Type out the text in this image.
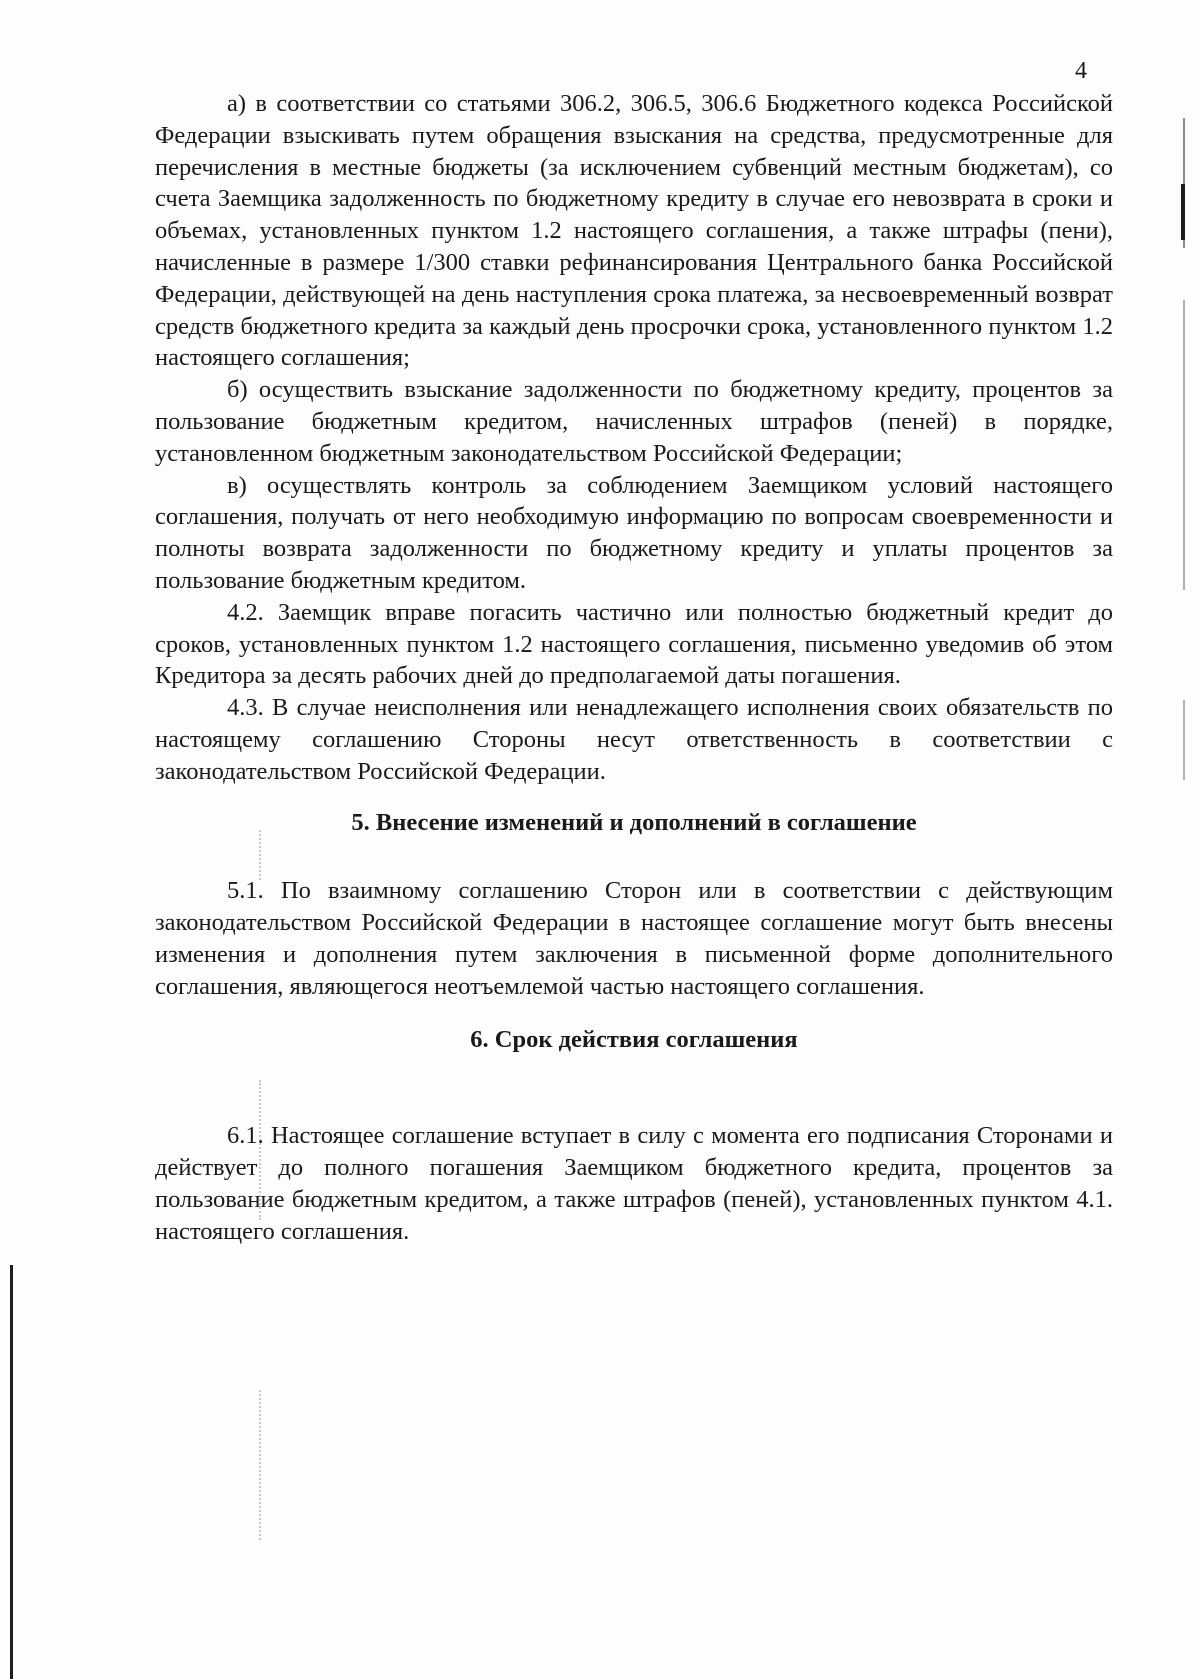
4

а) в соответствии со статьями 306.2, 306.5, 306.6 Бюджетного кодекса Российской Федерации взыскивать путем обращения взыскания на средства, предусмотренные для перечисления в местные бюджеты (за исключением субвенций местным бюджетам), со счета Заемщика задолженность по бюджетному кредиту в случае его невозврата в сроки и объемах, установленных пунктом 1.2 настоящего соглашения, а также штрафы (пени), начисленные в размере 1/300 ставки рефинансирования Центрального банка Российской Федерации, действующей на день наступления срока платежа, за несвоевременный возврат средств бюджетного кредита за каждый день просрочки срока, установленного пунктом 1.2 настоящего соглашения;

б) осуществить взыскание задолженности по бюджетному кредиту, процентов за пользование бюджетным кредитом, начисленных штрафов (пеней) в порядке, установленном бюджетным законодательством Российской Федерации;

в) осуществлять контроль за соблюдением Заемщиком условий настоящего соглашения, получать от него необходимую информацию по вопросам своевременности и полноты возврата задолженности по бюджетному кредиту и уплаты процентов за пользование бюджетным кредитом.

4.2. Заемщик вправе погасить частично или полностью бюджетный кредит до сроков, установленных пунктом 1.2 настоящего соглашения, письменно уведомив об этом Кредитора за десять рабочих дней до предполагаемой даты погашения.

4.3. В случае неисполнения или ненадлежащего исполнения своих обязательств по настоящему соглашению Стороны несут ответственность в соответствии с законодательством Российской Федерации.

5. Внесение изменений и дополнений в соглашение

5.1. По взаимному соглашению Сторон или в соответствии с действующим законодательством Российской Федерации в настоящее соглашение могут быть внесены изменения и дополнения путем заключения в письменной форме дополнительного соглашения, являющегося неотъемлемой частью настоящего соглашения.

6. Срок действия соглашения

6.1. Настоящее соглашение вступает в силу с момента его подписания Сторонами и действует до полного погашения Заемщиком бюджетного кредита, процентов за пользование бюджетным кредитом, а также штрафов (пеней), установленных пунктом 4.1. настоящего соглашения.
